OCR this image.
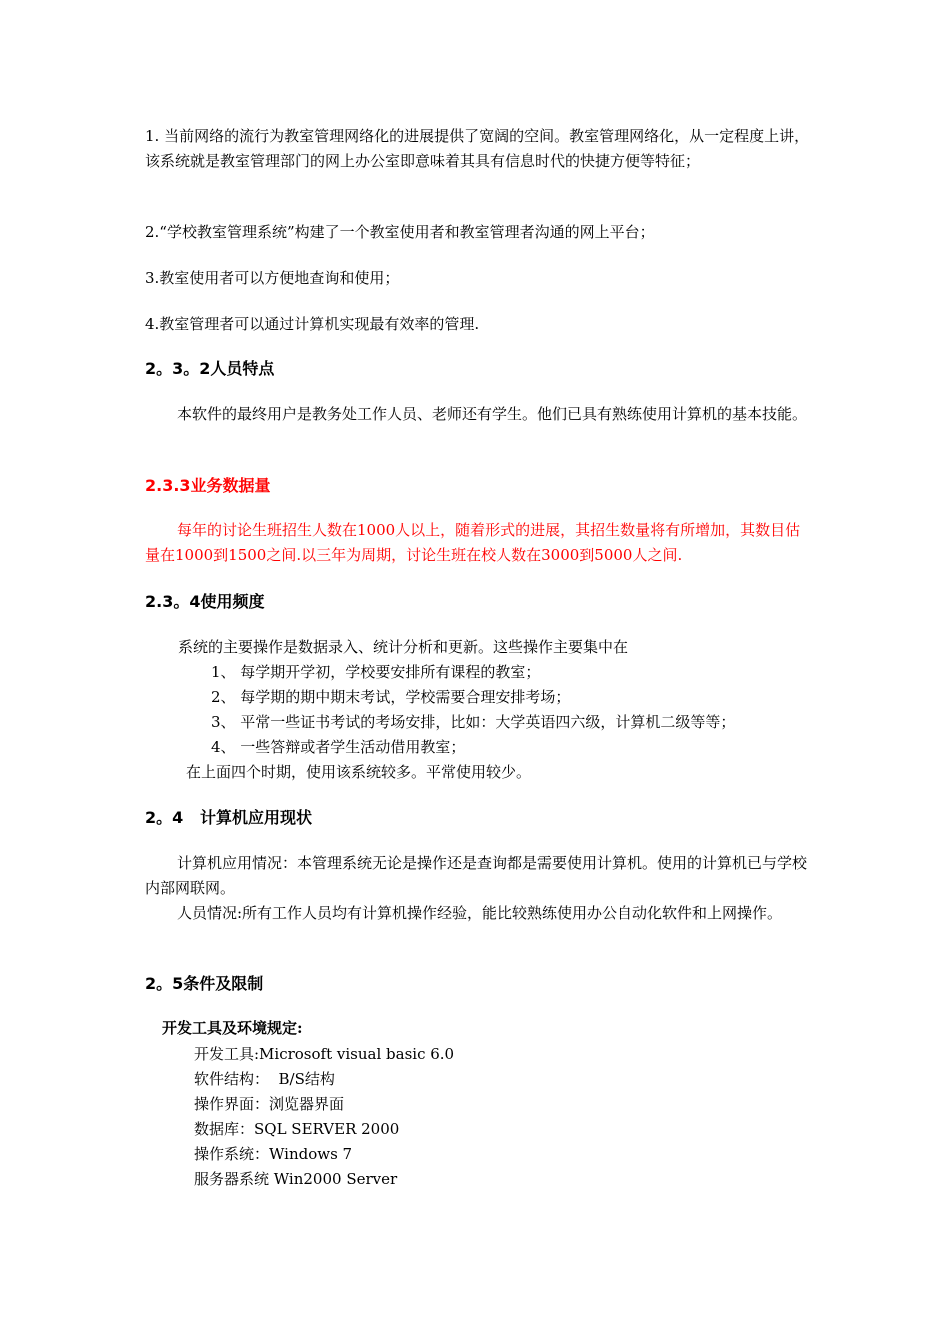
1. 当前网络的流行为教室管理网络化的进展提供了宽阔的空间。教室管理网络化，从一定程度上讲，该系统就是教室管理部门的网上办公室即意味着其具有信息时代的快捷方便等特征；

2.“学校教室管理系统”构建了一个教室使用者和教室管理者沟通的网上平台；

3.教室使用者可以方便地查询和使用；

4.教室管理者可以通过计算机实现最有效率的管理.

2。3。2人员特点

本软件的最终用户是教务处工作人员、老师还有学生。他们已具有熟练使用计算机的基本技能。

2.3.3业务数据量

每年的讨论生班招生人数在1000人以上，随着形式的进展，其招生数量将有所增加，其数目估量在1000到1500之间.以三年为周期，讨论生班在校人数在3000到5000人之间.

2.3。4使用频度

系统的主要操作是数据录入、统计分析和更新。这些操作主要集中在

1、 每学期开学初，学校要安排所有课程的教室；

2、 每学期的期中期末考试，学校需要合理安排考场；

3、 平常一些证书考试的考场安排，比如：大学英语四六级，计算机二级等等；

4、 一些答辩或者学生活动借用教室；

在上面四个时期，使用该系统较多。平常使用较少。

2。4   计算机应用现状

计算机应用情况：本管理系统无论是操作还是查询都是需要使用计算机。使用的计算机已与学校内部网联网。

人员情况:所有工作人员均有计算机操作经验，能比较熟练使用办公自动化软件和上网操作。

2。5条件及限制

开发工具及环境规定:

开发工具:Microsoft visual basic 6.0

软件结构：  B/S结构

操作界面：浏览器界面

数据库：SQL SERVER 2000

操作系统：Windows 7

服务器系统 Win2000 Server
